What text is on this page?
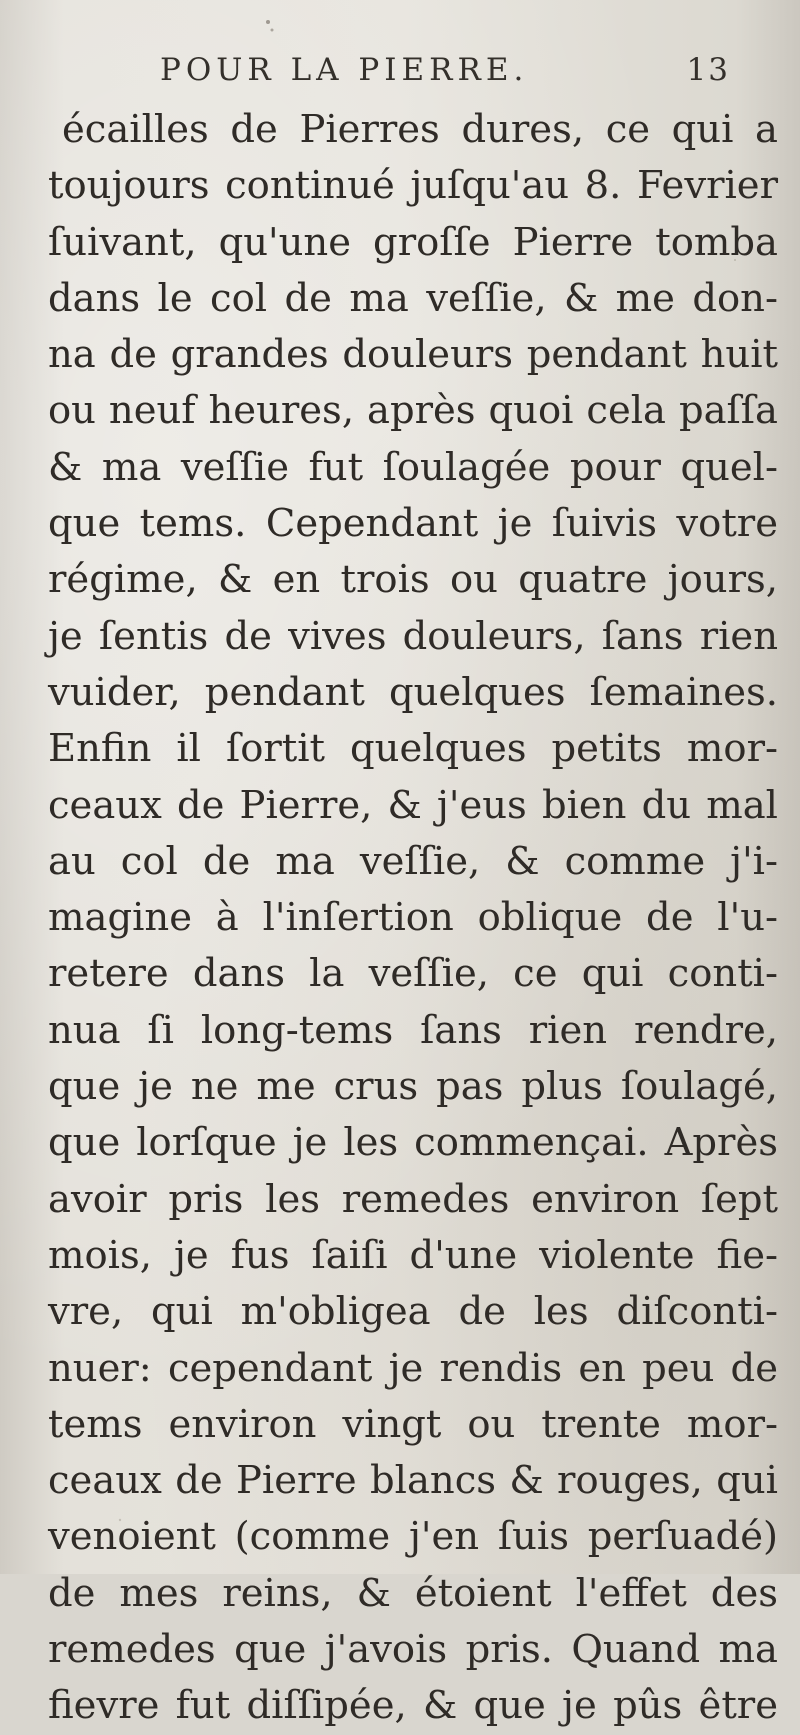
POUR LA PIERRE.	13
écailles de Pierres dures, ce qui a
toujours continué juſqu'au 8. Fevrier
ſuivant, qu'une groſſe Pierre tomba
dans le col de ma veſſie, & me don-
na de grandes douleurs pendant huit
ou neuf heures, après quoi cela paſſa
& ma veſſie fut ſoulagée pour quel-
que tems. Cependant je ſuivis votre
régime, & en trois ou quatre jours,
je ſentis de vives douleurs, ſans rien
vuider, pendant quelques ſemaines.
Enfin il ſortit quelques petits mor-
ceaux de Pierre, & j'eus bien du mal
au col de ma veſſie, & comme j'i-
magine à l'inſertion oblique de l'u-
retere dans la veſſie, ce qui conti-
nua ſi long-tems ſans rien rendre,
que je ne me crus pas plus ſoulagé,
que lorſque je les commençai. Après
avoir pris les remedes environ ſept
mois, je fus ſaiſi d'une violente fie-
vre, qui m'obligea de les diſconti-
nuer: cependant je rendis en peu de
tems environ vingt ou trente mor-
ceaux de Pierre blancs & rouges, qui
venoient (comme j'en ſuis perſuadé)
de mes reins, & étoient l'effet des
remedes que j'avois pris. Quand ma
fievre fut diſſipée, & que je pûs être
